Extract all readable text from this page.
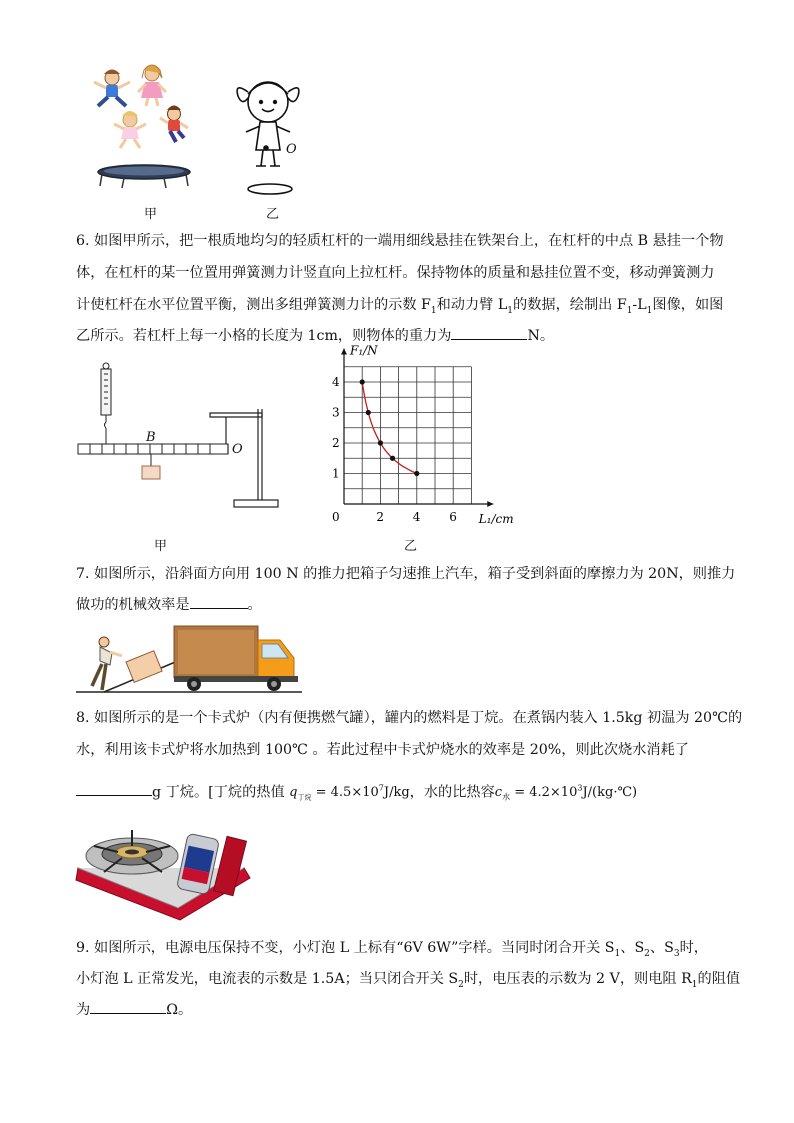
O
甲	乙
6. 如图甲所示，把一根质地均匀的轻质杠杆的一端用细线悬挂在铁架台上，在杠杆的中点 B 悬挂一个物
体，在杠杆的某一位置用弹簧测力计竖直向上拉杠杆。保持物体的质量和悬挂位置不变，移动弹簧测力
计使杠杆在水平位置平衡，测出多组弹簧测力计的示数 $F_1$和动力臂 $L_1$的数据，绘制出 $F_1-L_1$图像，如图
乙所示。若杠杆上每一小格的长度为 1cm，则物体的重力为	N。
B
O
甲
0	2 4 6
1
2
3
4
F₁/N
L₁/cm
乙
7. 如图所示，沿斜面方向用 100 N 的推力把箱子匀速推上汽车，箱子受到斜面的摩擦力为 20N，则推力
做功的机械效率是	。
8. 如图所示的是一个卡式炉（内有便携燃气罐），罐内的燃料是丁烷。在煮锅内装入 1.5kg 初温为 20℃的
水，利用该卡式炉将水加热到 100℃ 。若此过程中卡式炉烧水的效率是 20%，则此次烧水消耗了
g 丁烷。[丁烷的热值 $q_{丁烷} = 4.5\times 10^7J/kg$，水的比热容$c_水$ = $4.2\times 10^3J/(kg\cdot℃)$
9. 如图所示，电源电压保持不变，小灯泡 L 上标有“6V 6W”字样。当同时闭合开关 $S_1$、$S_2$、$S_3$时，
小灯泡 L 正常发光，电流表的示数是 1.5A；当只闭合开关 $S_2$时，电压表的示数为 2 V，则电阻 $R_1$的阻值
为	Ω。
